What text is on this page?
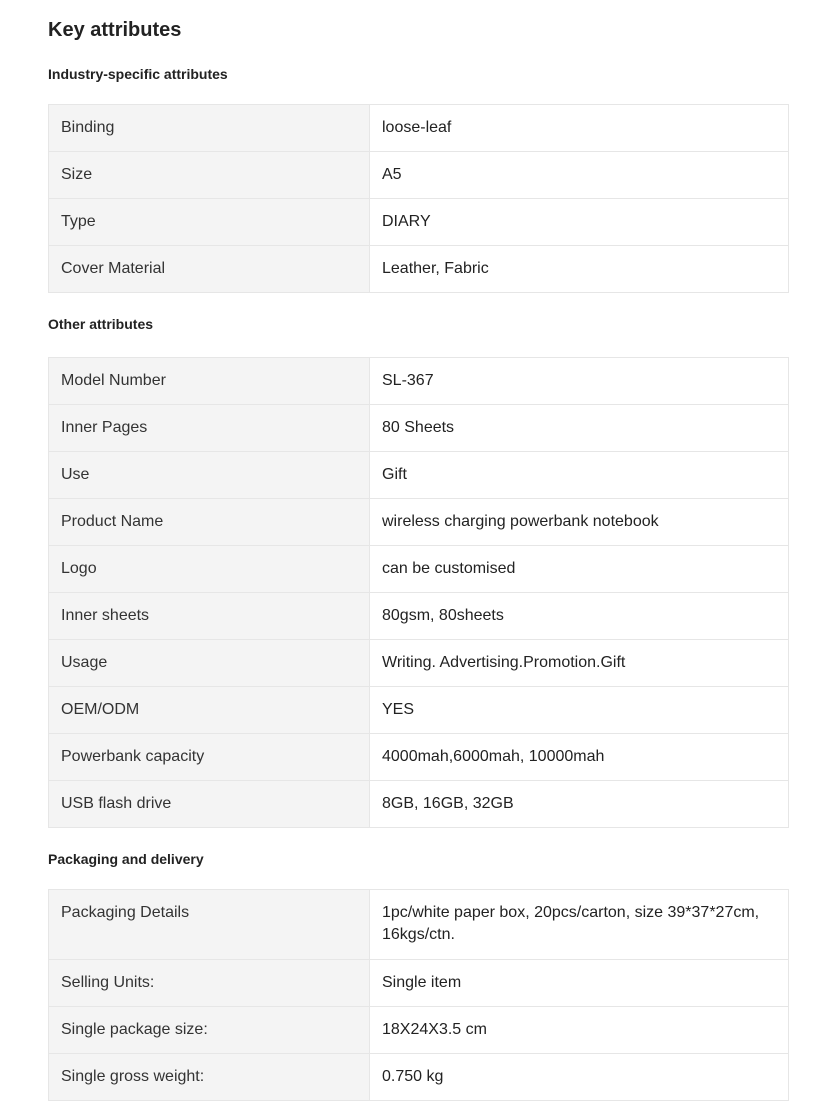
Key attributes
Industry-specific attributes
Binding	loose-leaf
Size	A5
Type	DIARY
Cover Material	Leather, Fabric
Other attributes
Model Number	SL-367
Inner Pages	80 Sheets
Use	Gift
Product Name	wireless charging powerbank notebook
Logo	can be customised
Inner sheets	80gsm, 80sheets
Usage	Writing. Advertising.Promotion.Gift
OEM/ODM	YES
Powerbank capacity	4000mah,6000mah, 10000mah
USB flash drive	8GB, 16GB, 32GB
Packaging and delivery
Packaging Details	1pc/white paper box, 20pcs/carton, size 39*37*27cm, 16kgs/ctn.
Selling Units:	Single item
Single package size:	18X24X3.5 cm
Single gross weight:	0.750 kg
